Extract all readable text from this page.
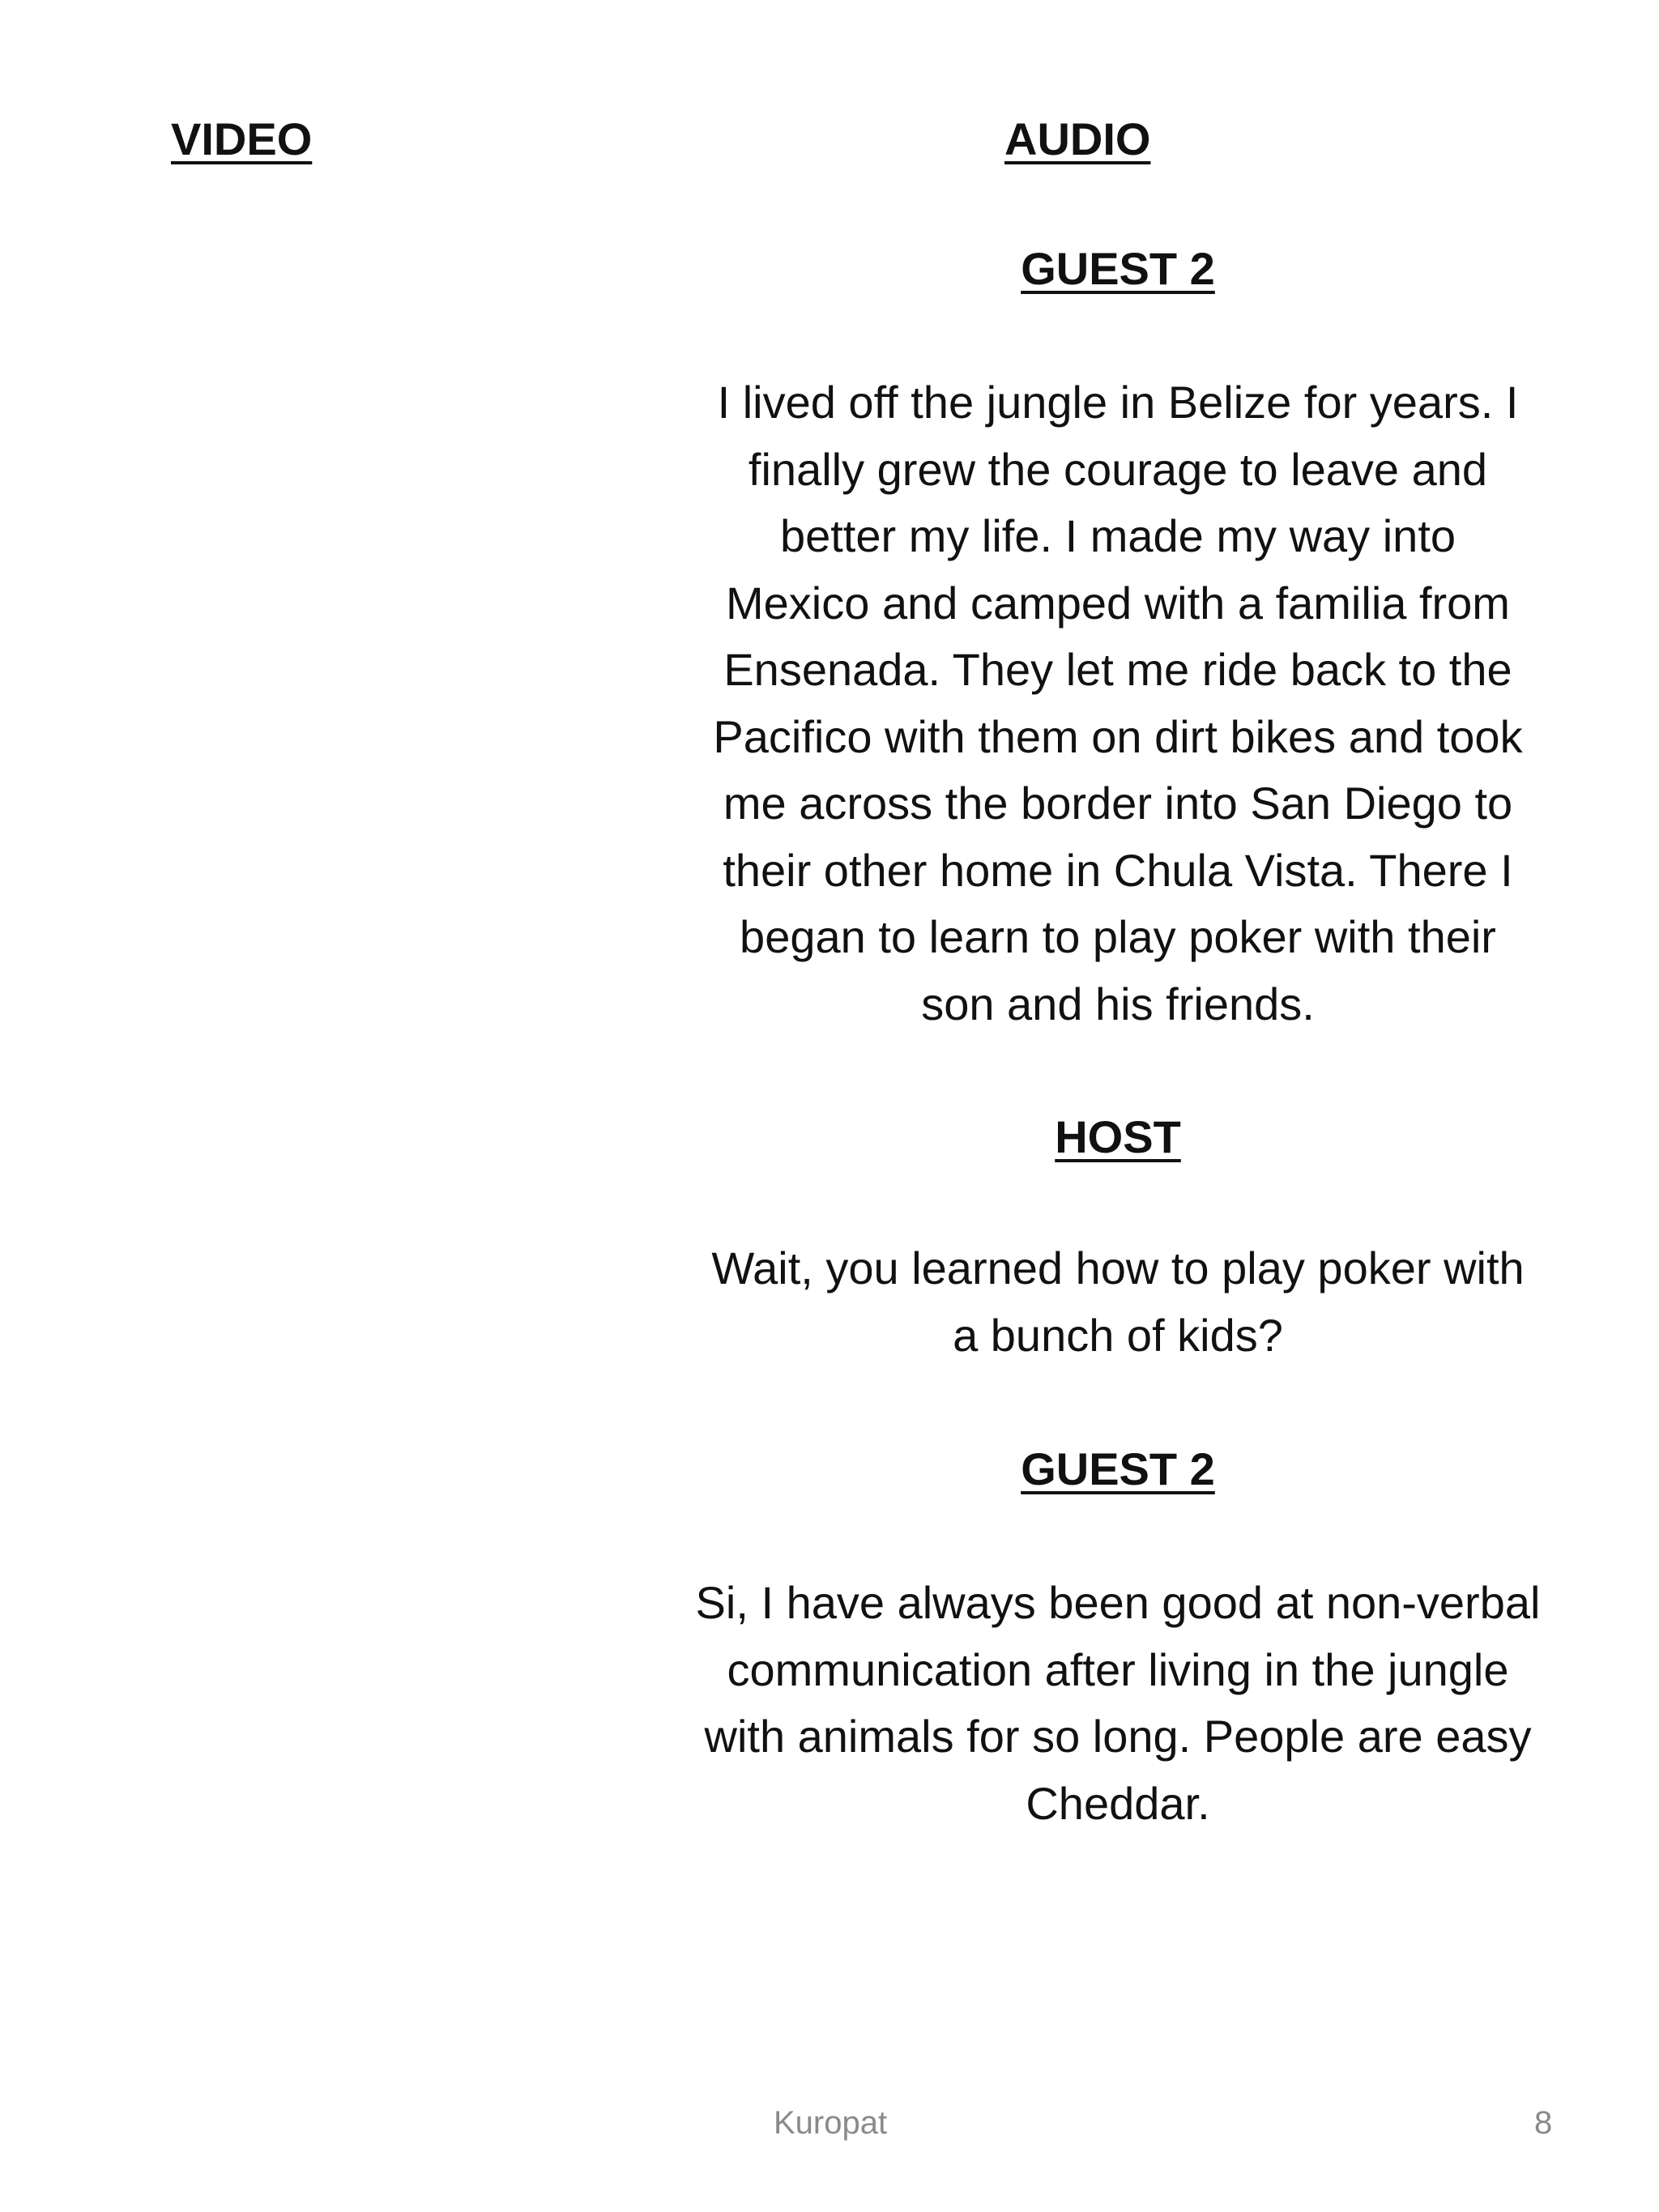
VIDEO	AUDIO
GUEST 2
I lived off the jungle in Belize for years. I
finally grew the courage to leave and
better my life. I made my way into
Mexico and camped with a familia from
Ensenada. They let me ride back to the
Pacifico with them on dirt bikes and took
me across the border into San Diego to
their other home in Chula Vista. There I
began to learn to play poker with their
son and his friends.
HOST
Wait, you learned how to play poker with
a bunch of kids?
GUEST 2
Si, I have always been good at non-verbal
communication after living in the jungle
with animals for so long. People are easy
Cheddar.
Kuropat	8
